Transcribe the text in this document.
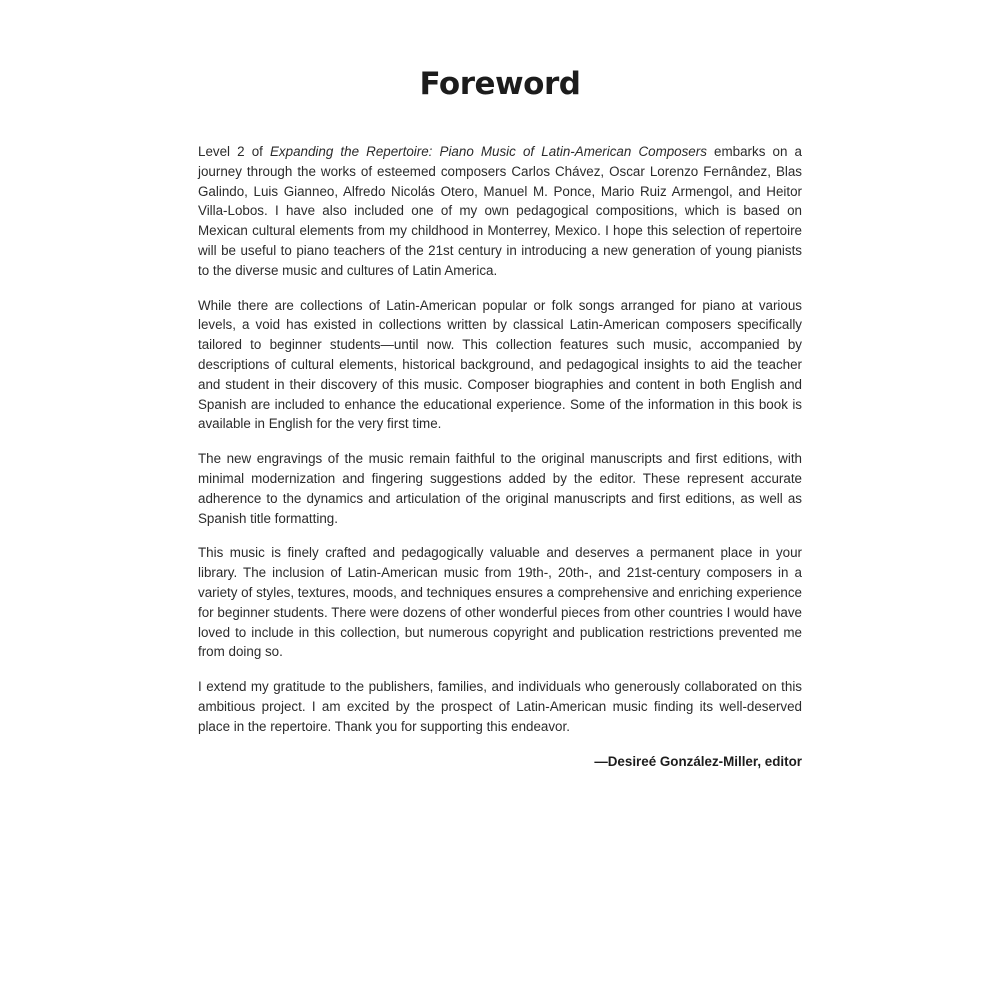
Foreword

Level 2 of Expanding the Repertoire: Piano Music of Latin-American Composers embarks on a journey through the works of esteemed composers Carlos Chávez, Oscar Lorenzo Fernândez, Blas Galindo, Luis Gianneo, Alfredo Nicolás Otero, Manuel M. Ponce, Mario Ruiz Armengol, and Heitor Villa-Lobos. I have also included one of my own pedagogical compositions, which is based on Mexican cultural elements from my childhood in Monterrey, Mexico. I hope this selection of repertoire will be useful to piano teachers of the 21st century in introducing a new generation of young pianists to the diverse music and cultures of Latin America.

While there are collections of Latin-American popular or folk songs arranged for piano at various levels, a void has existed in collections written by classical Latin-American composers specifically tailored to beginner students—until now. This collection features such music, accompanied by descriptions of cultural elements, historical background, and pedagogical insights to aid the teacher and student in their discovery of this music. Composer biographies and content in both English and Spanish are included to enhance the educational experience. Some of the information in this book is available in English for the very first time.

The new engravings of the music remain faithful to the original manuscripts and first editions, with minimal modernization and fingering suggestions added by the editor. These represent accurate adherence to the dynamics and articulation of the original manuscripts and first editions, as well as Spanish title formatting.

This music is finely crafted and pedagogically valuable and deserves a permanent place in your library. The inclusion of Latin-American music from 19th-, 20th-, and 21st-century composers in a variety of styles, textures, moods, and techniques ensures a comprehensive and enriching experience for beginner students. There were dozens of other wonderful pieces from other countries I would have loved to include in this collection, but numerous copyright and publication restrictions prevented me from doing so.

I extend my gratitude to the publishers, families, and individuals who generously collaborated on this ambitious project. I am excited by the prospect of Latin-American music finding its well-deserved place in the repertoire. Thank you for supporting this endeavor.

—Desireé González-Miller, editor
